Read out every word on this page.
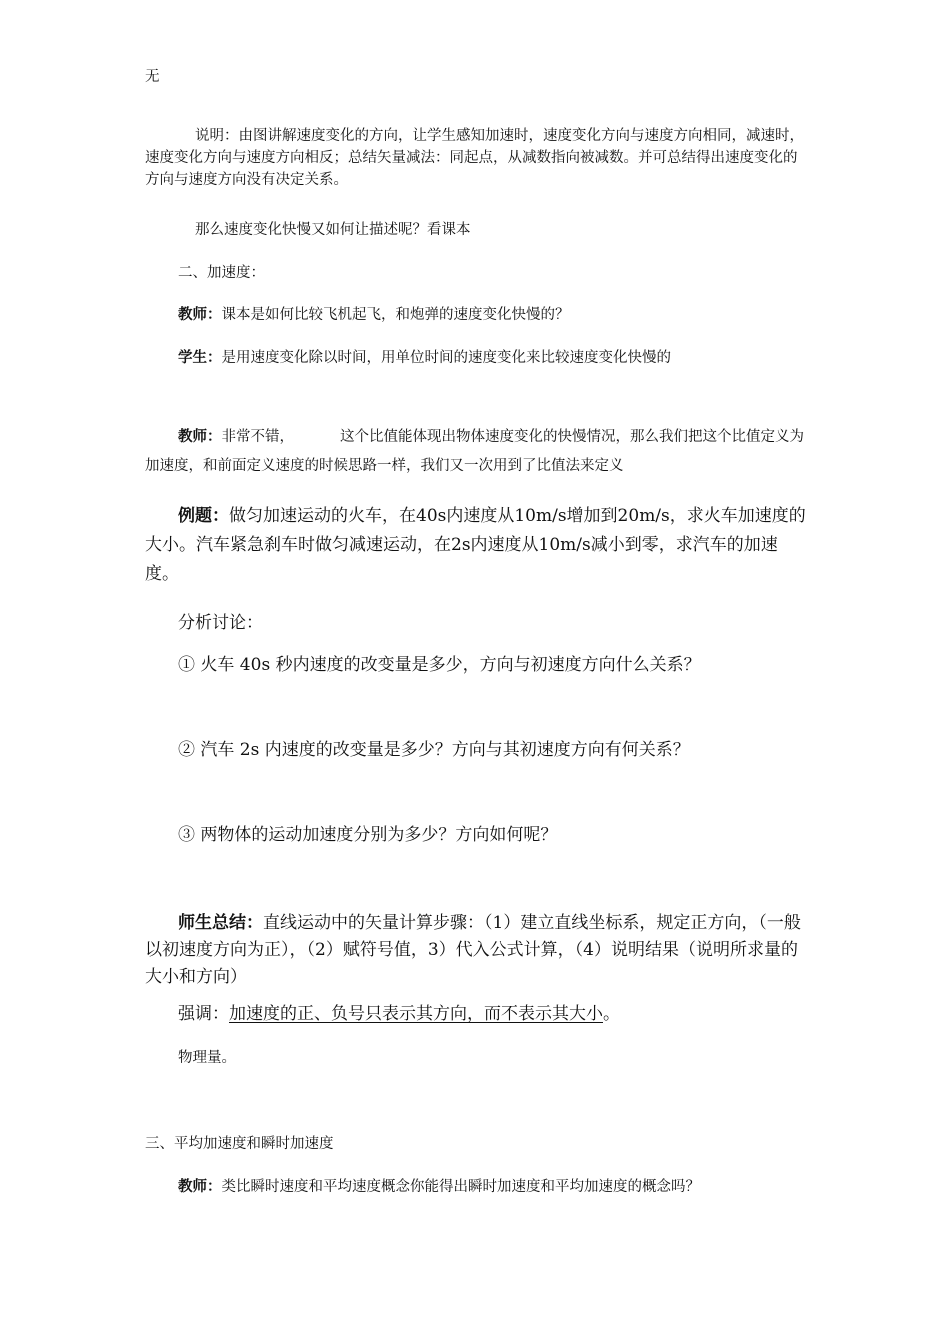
无

说明：由图讲解速度变化的方向，让学生感知加速时，速度变化方向与速度方向相同，减速时，速度变化方向与速度方向相反；总结矢量减法：同起点，从减数指向被减数。并可总结得出速度变化的方向与速度方向没有决定关系。

那么速度变化快慢又如何让描述呢？看课本

二、加速度：

教师：课本是如何比较飞机起飞，和炮弹的速度变化快慢的？

学生：是用速度变化除以时间，用单位时间的速度变化来比较速度变化快慢的

教师：非常不错，	这个比值能体现出物体速度变化的快慢情况，那么我们把这个比值定义为加速度，和前面定义速度的时候思路一样，我们又一次用到了比值法来定义

例题：做匀加速运动的火车，在40s内速度从10m/s增加到20m/s，求火车加速度的大小。汽车紧急刹车时做匀减速运动，在2s内速度从10m/s减小到零，求汽车的加速度。

分析讨论：

① 火车 40s 秒内速度的改变量是多少，方向与初速度方向什么关系？

② 汽车 2s 内速度的改变量是多少？方向与其初速度方向有何关系？

③ 两物体的运动加速度分别为多少？方向如何呢？

师生总结：直线运动中的矢量计算步骤：（1）建立直线坐标系，规定正方向，（一般以初速度方向为正），（2）赋符号值，3）代入公式计算，（4）说明结果（说明所求量的大小和方向）

强调：加速度的正、负号只表示其方向，而不表示其大小。

物理量。

三、平均加速度和瞬时加速度

教师：类比瞬时速度和平均速度概念你能得出瞬时加速度和平均加速度的概念吗？
